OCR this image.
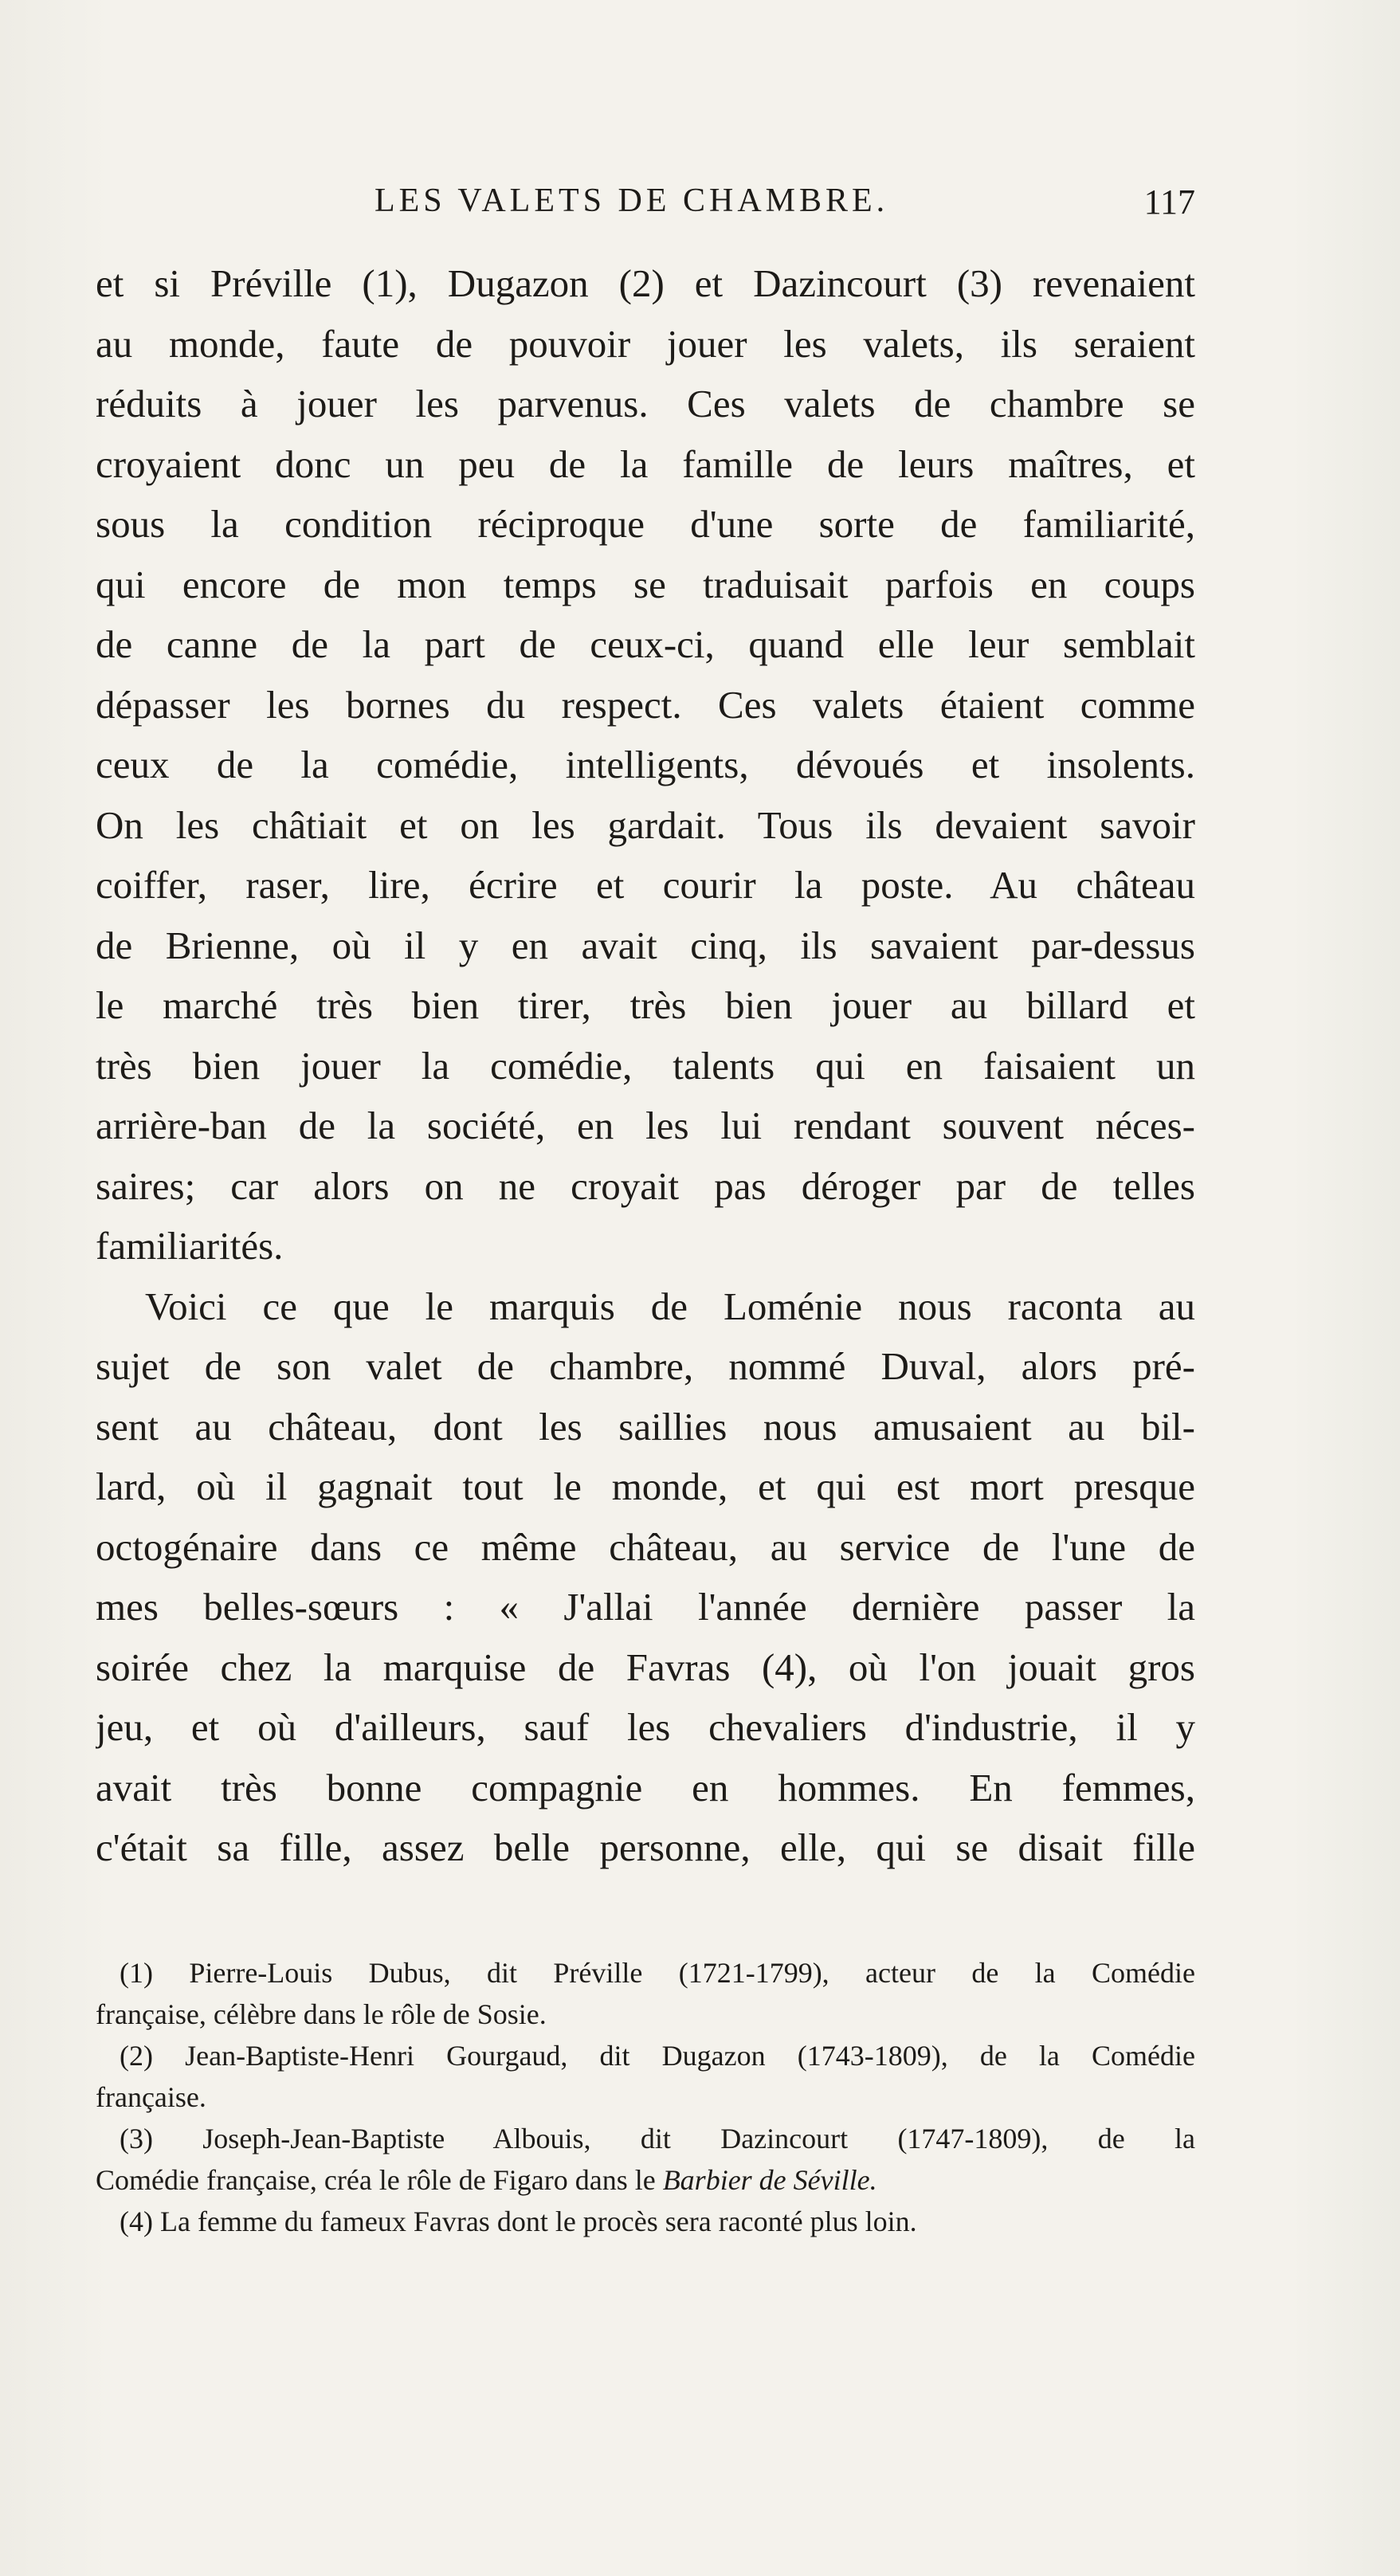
LES VALETS DE CHAMBRE.	117
et si Préville (1), Dugazon (2) et Dazincourt (3) revenaient
au monde, faute de pouvoir jouer les valets, ils seraient
réduits à jouer les parvenus. Ces valets de chambre se
croyaient donc un peu de la famille de leurs maîtres, et
sous la condition réciproque d'une sorte de familiarité,
qui encore de mon temps se traduisait parfois en coups
de canne de la part de ceux-ci, quand elle leur semblait
dépasser les bornes du respect. Ces valets étaient comme
ceux de la comédie, intelligents, dévoués et insolents.
On les châtiait et on les gardait. Tous ils devaient savoir
coiffer, raser, lire, écrire et courir la poste. Au château
de Brienne, où il y en avait cinq, ils savaient par-dessus
le marché très bien tirer, très bien jouer au billard et
très bien jouer la comédie, talents qui en faisaient un
arrière-ban de la société, en les lui rendant souvent néces-
saires; car alors on ne croyait pas déroger par de telles
familiarités.
Voici ce que le marquis de Loménie nous raconta au
sujet de son valet de chambre, nommé Duval, alors pré-
sent au château, dont les saillies nous amusaient au bil-
lard, où il gagnait tout le monde, et qui est mort presque
octogénaire dans ce même château, au service de l'une de
mes belles-sœurs : « J'allai l'année dernière passer la
soirée chez la marquise de Favras (4), où l'on jouait gros
jeu, et où d'ailleurs, sauf les chevaliers d'industrie, il y
avait très bonne compagnie en hommes. En femmes,
c'était sa fille, assez belle personne, elle, qui se disait fille
(1) Pierre-Louis Dubus, dit Préville (1721-1799), acteur de la Comédie
française, célèbre dans le rôle de Sosie.
(2) Jean-Baptiste-Henri Gourgaud, dit Dugazon (1743-1809), de la Comédie
française.
(3) Joseph-Jean-Baptiste Albouis, dit Dazincourt (1747-1809), de la
Comédie française, créa le rôle de Figaro dans le Barbier de Séville.
(4) La femme du fameux Favras dont le procès sera raconté plus loin.
